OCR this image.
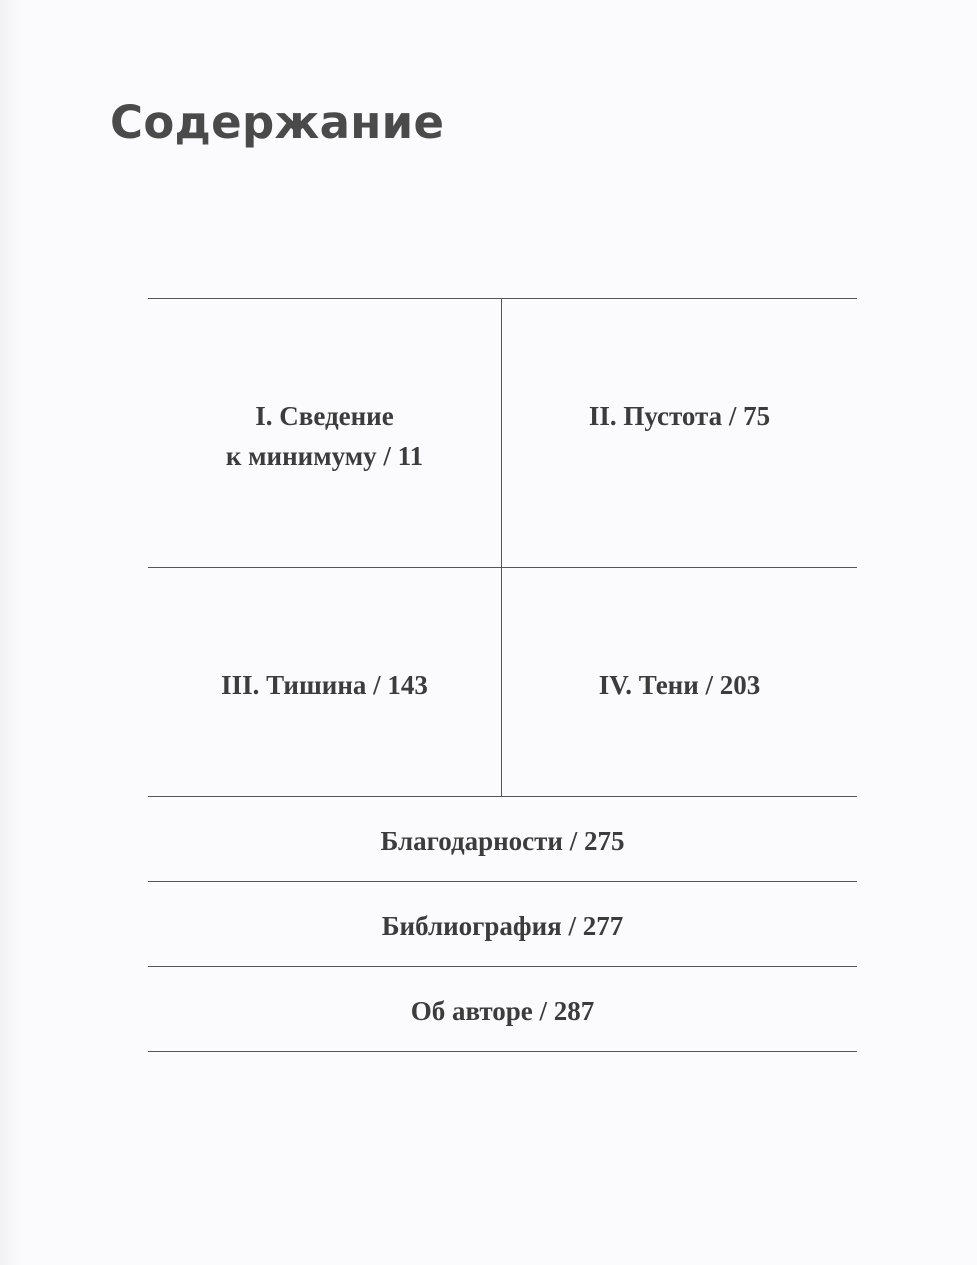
Содержание
I. Сведение
к минимуму / 11
II. Пустота / 75
III. Тишина / 143	IV. Тени / 203
Благодарности / 275
Библиография / 277
Об авторе / 287
